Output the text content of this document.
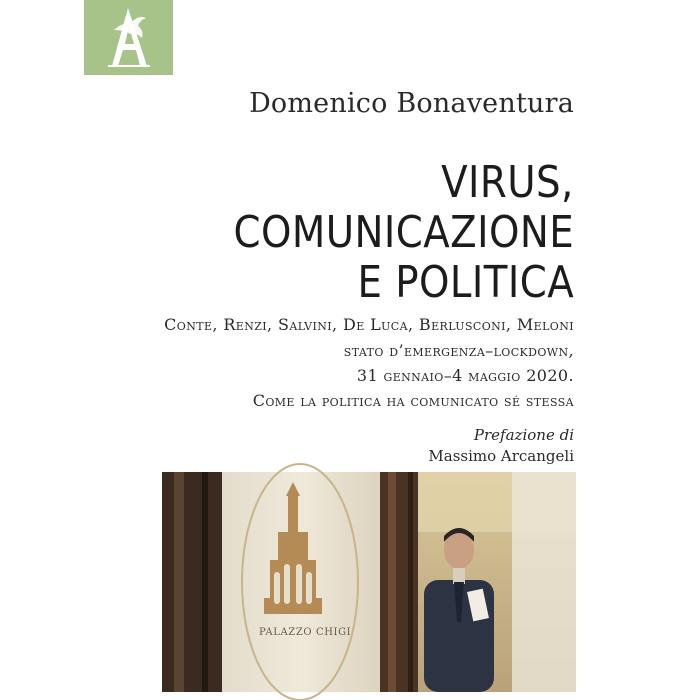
Domenico Bonaventura
VIRUS,
COMUNICAZIONE
E POLITICA
Conte, Renzi, Salvini, De Luca, Berlusconi, Meloni
stato d’emergenza–lockdown,
31 gennaio–4 maggio 2020.
Come la politica ha comunicato sé stessa
Prefazione di
Massimo Arcangeli
PALAZZO CHIGI
